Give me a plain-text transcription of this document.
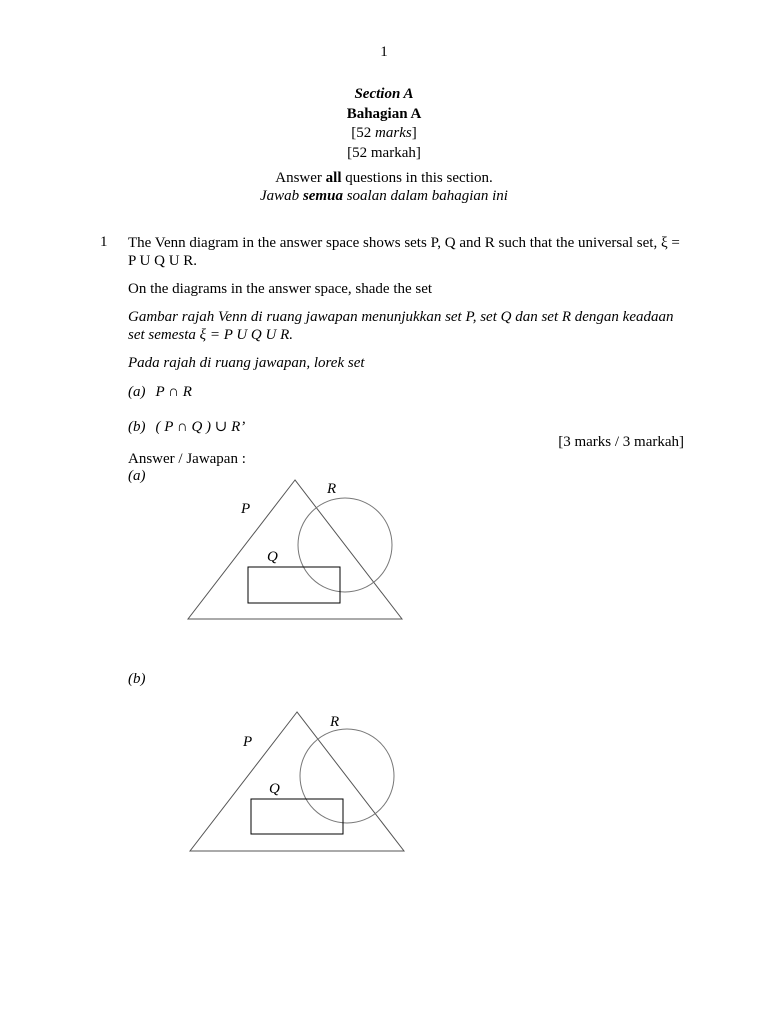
1
Section A
Bahagian A
[52 marks]
[52 markah]
Answer all questions in this section.
Jawab semua soalan dalam bahagian ini
1 The Venn diagram in the answer space shows sets P, Q and R such that the universal set, ξ = P U Q U R.
On the diagrams in the answer space, shade the set
Gambar rajah Venn di ruang jawapan menunjukkan set P, set Q dan set R dengan keadaan set semesta ξ = P U Q U R.
Pada rajah di ruang jawapan, lorek set
(a) P ∩ R
(b) ( P ∩ Q ) ∪ R’
[3 marks / 3 markah]
Answer / Jawapan :
(a)
(b)
P
Q
R
P
Q
R
